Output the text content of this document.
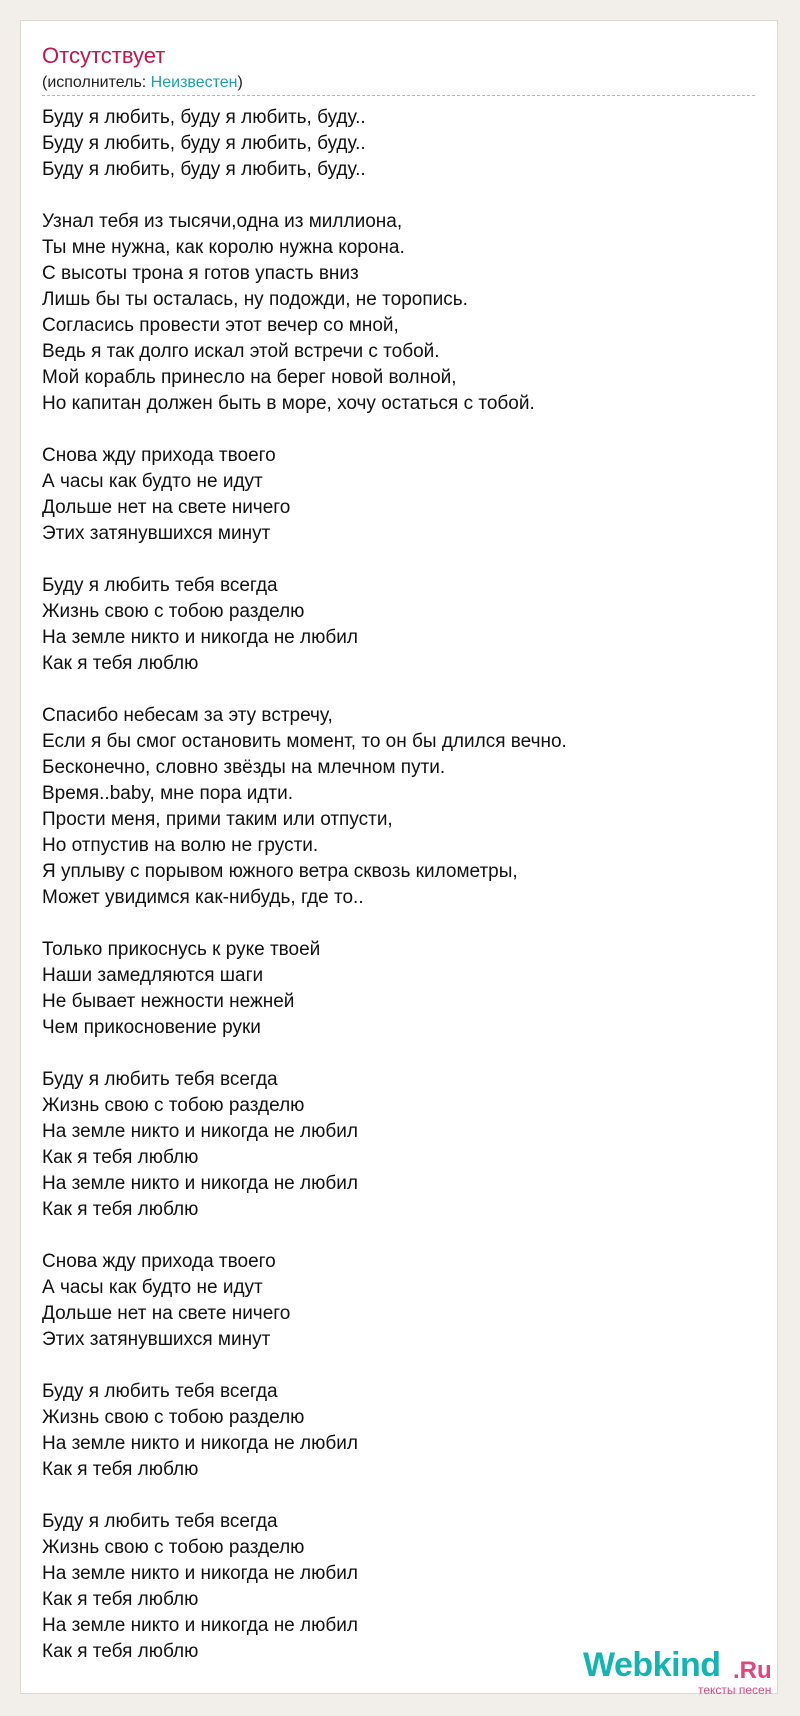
Отсутствует
(исполнитель: Неизвестен)
Буду я любить, буду я любить, буду..
Буду я любить, буду я любить, буду..
Буду я любить, буду я любить, буду..
Узнал тебя из тысячи,одна из миллиона,
Ты мне нужна, как королю нужна корона.
С высоты трона я готов упасть вниз
Лишь бы ты осталась, ну подожди, не торопись.
Согласись провести этот вечер со мной,
Ведь я так долго искал этой встречи с тобой.
Мой корабль принесло на берег новой волной,
Но капитан должен быть в море, хочу остаться с тобой.
Снова жду прихода твоего
А часы как будто не идут
Дольше нет на свете ничего
Этих затянувшихся минут
Буду я любить тебя всегда
Жизнь свою с тобою разделю
На земле никто и никогда не любил
Как я тебя люблю
Спасибо небесам за эту встречу,
Если я бы смог остановить момент, то он бы длился вечно.
Бесконечно, словно звёзды на млечном пути.
Время..baby, мне пора идти.
Прости меня, прими таким или отпусти,
Но отпустив на волю не грусти.
Я уплыву с порывом южного ветра сквозь километры,
Может увидимся как-нибудь, где то..
Только прикоснусь к руке твоей
Наши замедляются шаги
Не бывает нежности нежней
Чем прикосновение руки
Буду я любить тебя всегда
Жизнь свою с тобою разделю
На земле никто и никогда не любил
Как я тебя люблю
На земле никто и никогда не любил
Как я тебя люблю
Снова жду прихода твоего
А часы как будто не идут
Дольше нет на свете ничего
Этих затянувшихся минут
Буду я любить тебя всегда
Жизнь свою с тобою разделю
На земле никто и никогда не любил
Как я тебя люблю
Буду я любить тебя всегда
Жизнь свою с тобою разделю
На земле никто и никогда не любил
Как я тебя люблю
На земле никто и никогда не любил
Как я тебя люблю	Webkind .Ru
тексты песен
